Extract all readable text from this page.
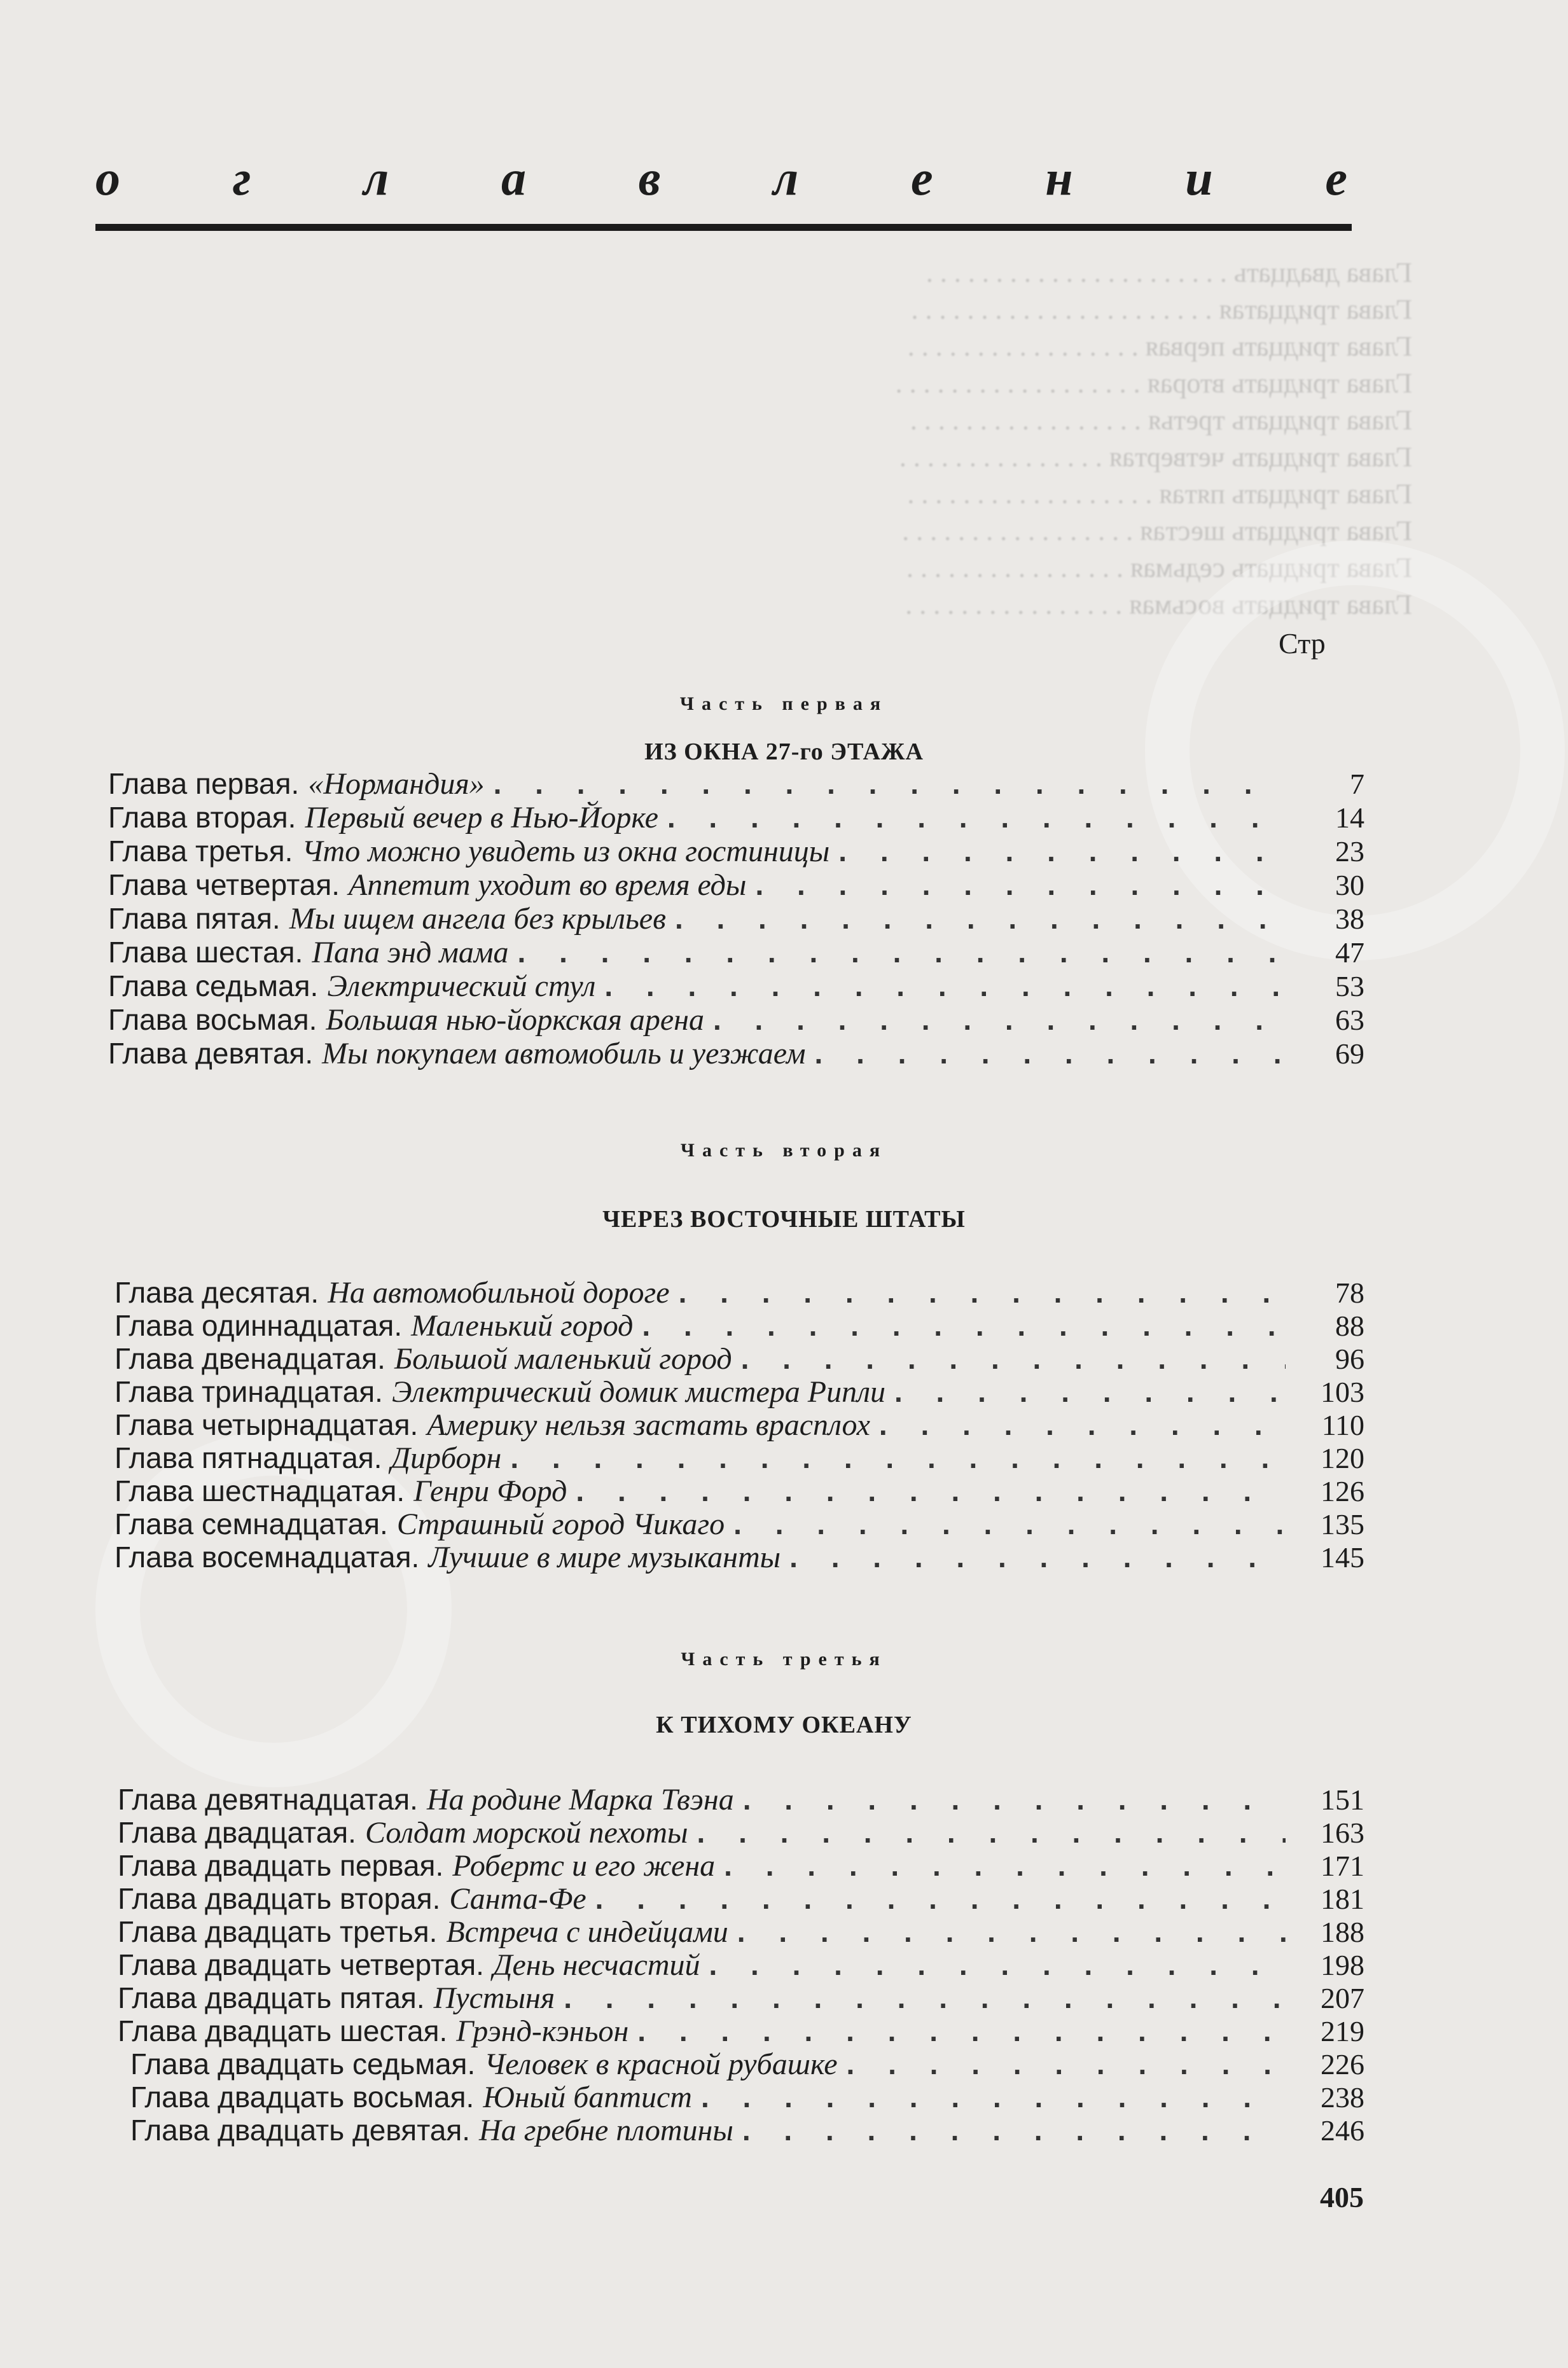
Глава двадцать . . . . . . . . . . . . . . . . . . . . . .
Глава тридцатая . . . . . . . . . . . . . . . . . . . . . .
Глава тридцать первая . . . . . . . . . . . . . . . . .
Глава тридцать вторая . . . . . . . . . . . . . . . . . .
Глава тридцать третья . . . . . . . . . . . . . . . . .
Глава тридцать четвертая . . . . . . . . . . . . . . .
Глава тридцать пятая . . . . . . . . . . . . . . . . . .
Глава тридцать шестая . . . . . . . . . . . . . . . . .
Глава тридцать седьмая . . . . . . . . . . . . . . . .
Глава тридцать восьмая . . . . . . . . . . . . . . . .
о г л а в л е н и е
Стр
Часть первая
ИЗ ОКНА 27-го ЭТАЖА
Глава первая. «Нормандия» . . .	7
Глава вторая. Первый вечер в Нью-Йорке . . .	14
Глава третья. Что можно увидеть из окна гостиницы . . .	23
Глава четвертая. Аппетит уходит во время еды . . .	30
Глава пятая. Мы ищем ангела без крыльев . . .	38
Глава шестая. Папа энд мама . . .	47
Глава седьмая. Электрический стул . . .	53
Глава восьмая. Большая нью-йоркская арена . . .	63
Глава девятая. Мы покупаем автомобиль и уезжаем . . .	69
Часть вторая
ЧЕРЕЗ ВОСТОЧНЫЕ ШТАТЫ
Глава десятая. На автомобильной дороге . . .	78
Глава одиннадцатая. Маленький город . . .	88
Глава двенадцатая. Большой маленький город . . .	96
Глава тринадцатая. Электрический домик мистера Рипли . . .	103
Глава четырнадцатая. Америку нельзя застать врасплох . . .	110
Глава пятнадцатая. Дирборн . . .	120
Глава шестнадцатая. Генри Форд . . .	126
Глава семнадцатая. Страшный город Чикаго . . .	135
Глава восемнадцатая. Лучшие в мире музыканты . . .	145
Часть третья
К ТИХОМУ ОКЕАНУ
Глава девятнадцатая. На родине Марка Твэна . . .	151
Глава двадцатая. Солдат морской пехоты . . .	163
Глава двадцать первая. Робертс и его жена . . .	171
Глава двадцать вторая. Санта-Фе . . .	181
Глава двадцать третья. Встреча с индейцами . . .	188
Глава двадцать четвертая. День несчастий . . .	198
Глава двадцать пятая. Пустыня . . .	207
Глава двадцать шестая. Грэнд-кэньон . . .	219
Глава двадцать седьмая. Человек в красной рубашке . . .	226
Глава двадцать восьмая. Юный баптист . . .	238
Глава двадцать девятая. На гребне плотины . . .	246
405
